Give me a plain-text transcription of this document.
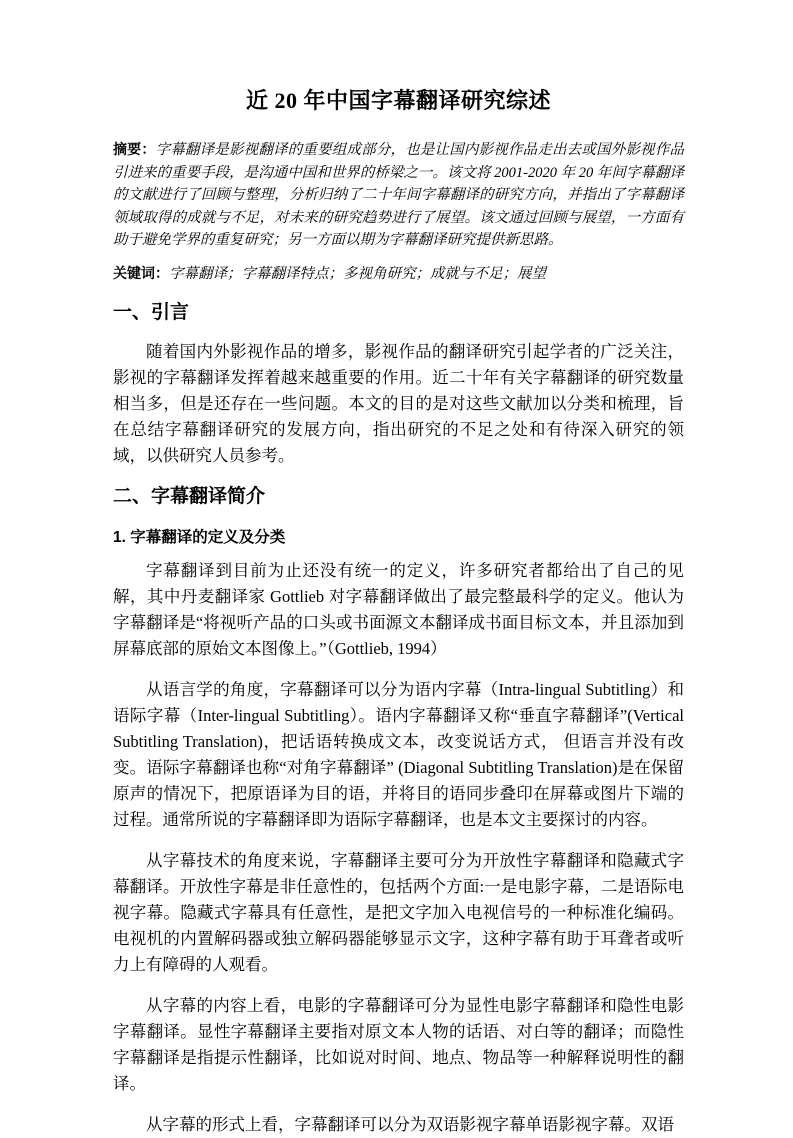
近 20 年中国字幕翻译研究综述

摘要：字幕翻译是影视翻译的重要组成部分，也是让国内影视作品走出去或国外影视作品引进来的重要手段，是沟通中国和世界的桥梁之一。该文将 2001-2020 年 20 年间字幕翻译的文献进行了回顾与整理，分析归纳了二十年间字幕翻译的研究方向，并指出了字幕翻译领域取得的成就与不足，对未来的研究趋势进行了展望。该文通过回顾与展望，一方面有助于避免学界的重复研究；另一方面以期为字幕翻译研究提供新思路。

关键词：字幕翻译；字幕翻译特点；多视角研究；成就与不足；展望

一、引言

随着国内外影视作品的增多，影视作品的翻译研究引起学者的广泛关注，影视的字幕翻译发挥着越来越重要的作用。近二十年有关字幕翻译的研究数量相当多，但是还存在一些问题。本文的目的是对这些文献加以分类和梳理，旨在总结字幕翻译研究的发展方向，指出研究的不足之处和有待深入研究的领域，以供研究人员参考。

二、字幕翻译简介
1. 字幕翻译的定义及分类

字幕翻译到目前为止还没有统一的定义，许多研究者都给出了自己的见解，其中丹麦翻译家 Gottlieb 对字幕翻译做出了最完整最科学的定义。他认为字幕翻译是“将视听产品的口头或书面源文本翻译成书面目标文本，并且添加到屏幕底部的原始文本图像上。”（Gottlieb, 1994）

从语言学的角度，字幕翻译可以分为语内字幕（Intra-lingual Subtitling）和语际字幕（Inter-lingual Subtitling）。语内字幕翻译又称“垂直字幕翻译”(Vertical Subtitling Translation)，把话语转换成文本，改变说话方式， 但语言并没有改变。语际字幕翻译也称“对角字幕翻译” (Diagonal Subtitling Translation)是在保留原声的情况下，把原语译为目的语，并将目的语同步叠印在屏幕或图片下端的过程。通常所说的字幕翻译即为语际字幕翻译，也是本文主要探讨的内容。

从字幕技术的角度来说，字幕翻译主要可分为开放性字幕翻译和隐藏式字幕翻译。开放性字幕是非任意性的，包括两个方面:一是电影字幕，二是语际电视字幕。隐藏式字幕具有任意性，是把文字加入电视信号的一种标准化编码。电视机的内置解码器或独立解码器能够显示文字，这种字幕有助于耳聋者或听力上有障碍的人观看。

从字幕的内容上看，电影的字幕翻译可分为显性电影字幕翻译和隐性电影字幕翻译。显性字幕翻译主要指对原文本人物的话语、对白等的翻译；而隐性字幕翻译是指提示性翻译，比如说对时间、地点、物品等一种解释说明性的翻译。

从字幕的形式上看，字幕翻译可以分为双语影视字幕单语影视字幕。双语
